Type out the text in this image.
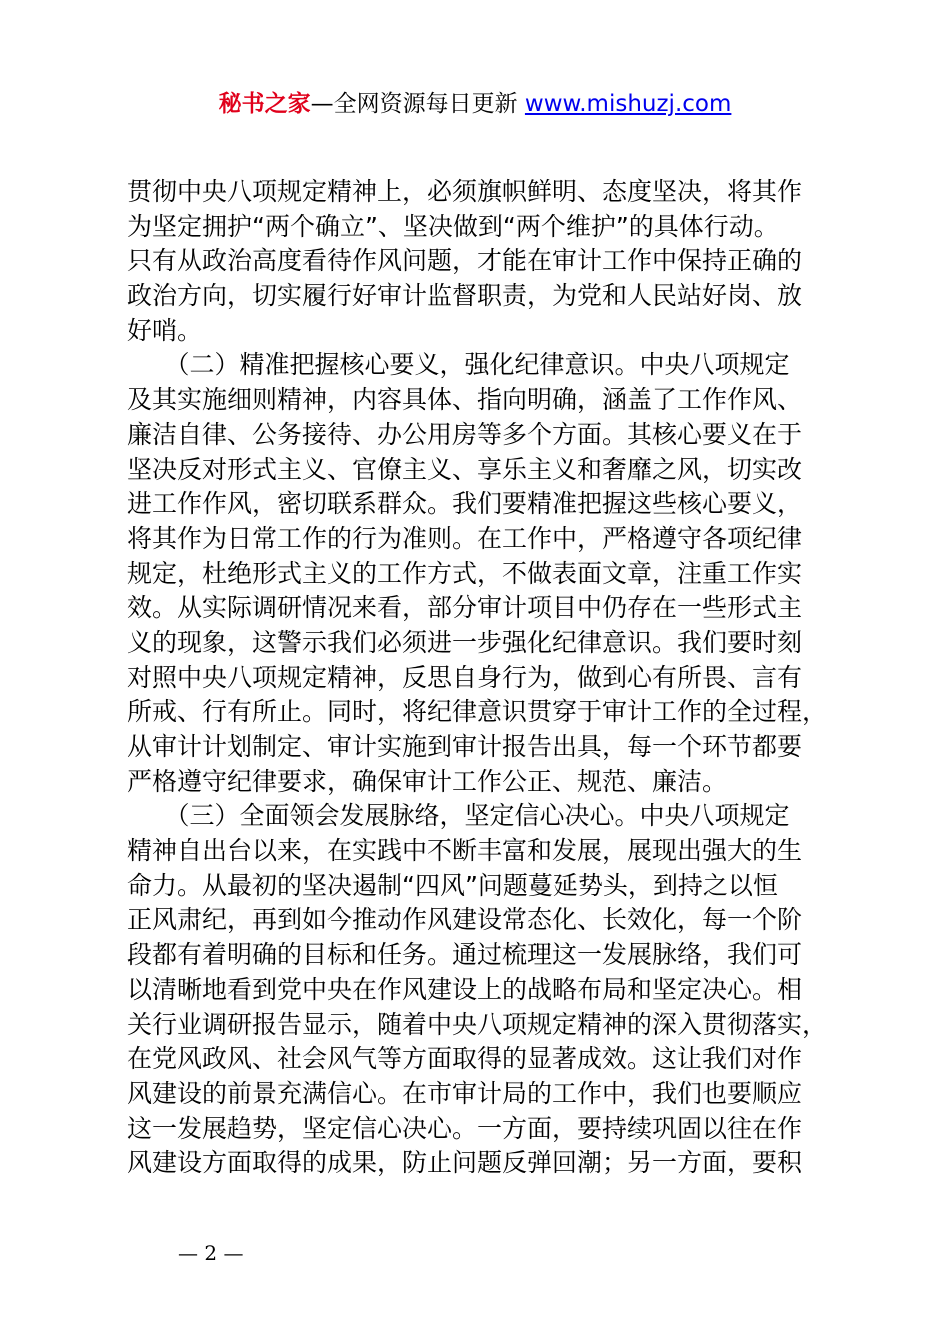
秘书之家—全网资源每日更新 www.mishuzj.com
贯彻中央八项规定精神上，必须旗帜鲜明、态度坚决，将其作
为坚定拥护“两个确立”、坚决做到“两个维护”的具体行动。
只有从政治高度看待作风问题，才能在审计工作中保持正确的
政治方向，切实履行好审计监督职责，为党和人民站好岗、放
好哨。
　　（二）精准把握核心要义，强化纪律意识。中央八项规定
及其实施细则精神，内容具体、指向明确，涵盖了工作作风、
廉洁自律、公务接待、办公用房等多个方面。其核心要义在于
坚决反对形式主义、官僚主义、享乐主义和奢靡之风，切实改
进工作作风，密切联系群众。我们要精准把握这些核心要义，
将其作为日常工作的行为准则。在工作中，严格遵守各项纪律
规定，杜绝形式主义的工作方式，不做表面文章，注重工作实
效。从实际调研情况来看，部分审计项目中仍存在一些形式主
义的现象，这警示我们必须进一步强化纪律意识。我们要时刻
对照中央八项规定精神，反思自身行为，做到心有所畏、言有
所戒、行有所止。同时，将纪律意识贯穿于审计工作的全过程，
从审计计划制定、审计实施到审计报告出具，每一个环节都要
严格遵守纪律要求，确保审计工作公正、规范、廉洁。
　　（三）全面领会发展脉络，坚定信心决心。中央八项规定
精神自出台以来，在实践中不断丰富和发展，展现出强大的生
命力。从最初的坚决遏制“四风”问题蔓延势头，到持之以恒
正风肃纪，再到如今推动作风建设常态化、长效化，每一个阶
段都有着明确的目标和任务。通过梳理这一发展脉络，我们可
以清晰地看到党中央在作风建设上的战略布局和坚定决心。相
关行业调研报告显示，随着中央八项规定精神的深入贯彻落实，
在党风政风、社会风气等方面取得的显著成效。这让我们对作
风建设的前景充满信心。在市审计局的工作中，我们也要顺应
这一发展趋势，坚定信心决心。一方面，要持续巩固以往在作
风建设方面取得的成果，防止问题反弹回潮；另一方面，要积
— 2 —
